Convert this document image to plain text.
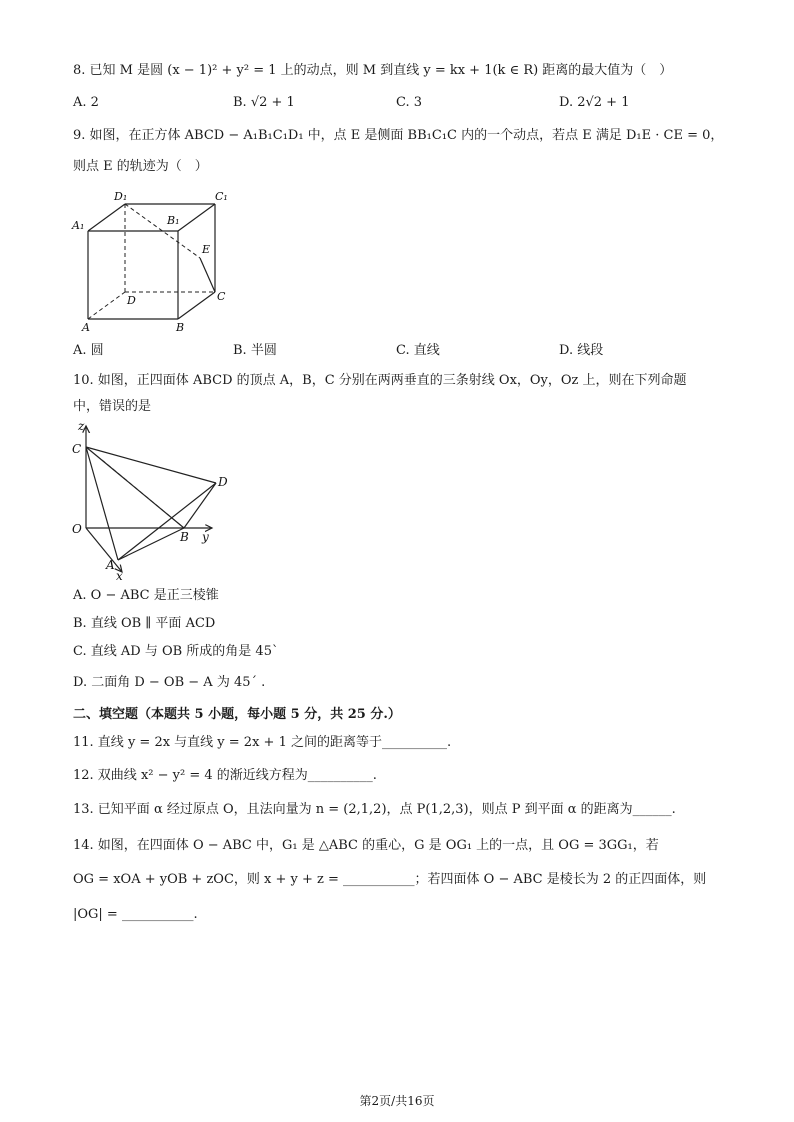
8. 已知 M 是圆 (x − 1)² + y² = 1 上的动点，则 M 到直线 y = kx + 1(k ∈ R) 距离的最大值为（　）
A. 2	B. √2 + 1	C. 3	D. 2√2 + 1
9. 如图，在正方体 ABCD − A₁B₁C₁D₁ 中，点 E 是侧面 BB₁C₁C 内的一个动点，若点 E 满足 D₁E · CE = 0，
则点 E 的轨迹为（　）
D₁	C₁
A₁	B₁
E
D	C
A	B
A. 圆	B. 半圆	C. 直线	D. 线段
10. 如图，正四面体 ABCD 的顶点 A，B，C 分别在两两垂直的三条射线 Ox，Oy，Oz 上，则在下列命题
中，错误的是
z
C
D
O
B y
A
x
A. O − ABC 是正三棱锥
B. 直线 OB ∥ 平面 ACD
C. 直线 AD 与 OB 所成的角是 45`
D. 二面角 D − OB − A 为 45´ .
二、填空题（本题共 5 小题，每小题 5 分，共 25 分.）
11. 直线 y = 2x 与直线 y = 2x + 1 之间的距离等于__________.
12. 双曲线 x² − y² = 4 的渐近线方程为__________.
13. 已知平面 α 经过原点 O，且法向量为 n = (2,1,2)，点 P(1,2,3)，则点 P 到平面 α 的距离为______.
14. 如图，在四面体 O − ABC 中，G₁ 是 △ABC 的重心，G 是 OG₁ 上的一点，且 OG = 3GG₁，若
OG = xOA + yOB + zOC，则 x + y + z = ___________；若四面体 O − ABC 是棱长为 2 的正四面体，则
|OG| = ___________.
第2页/共16页
